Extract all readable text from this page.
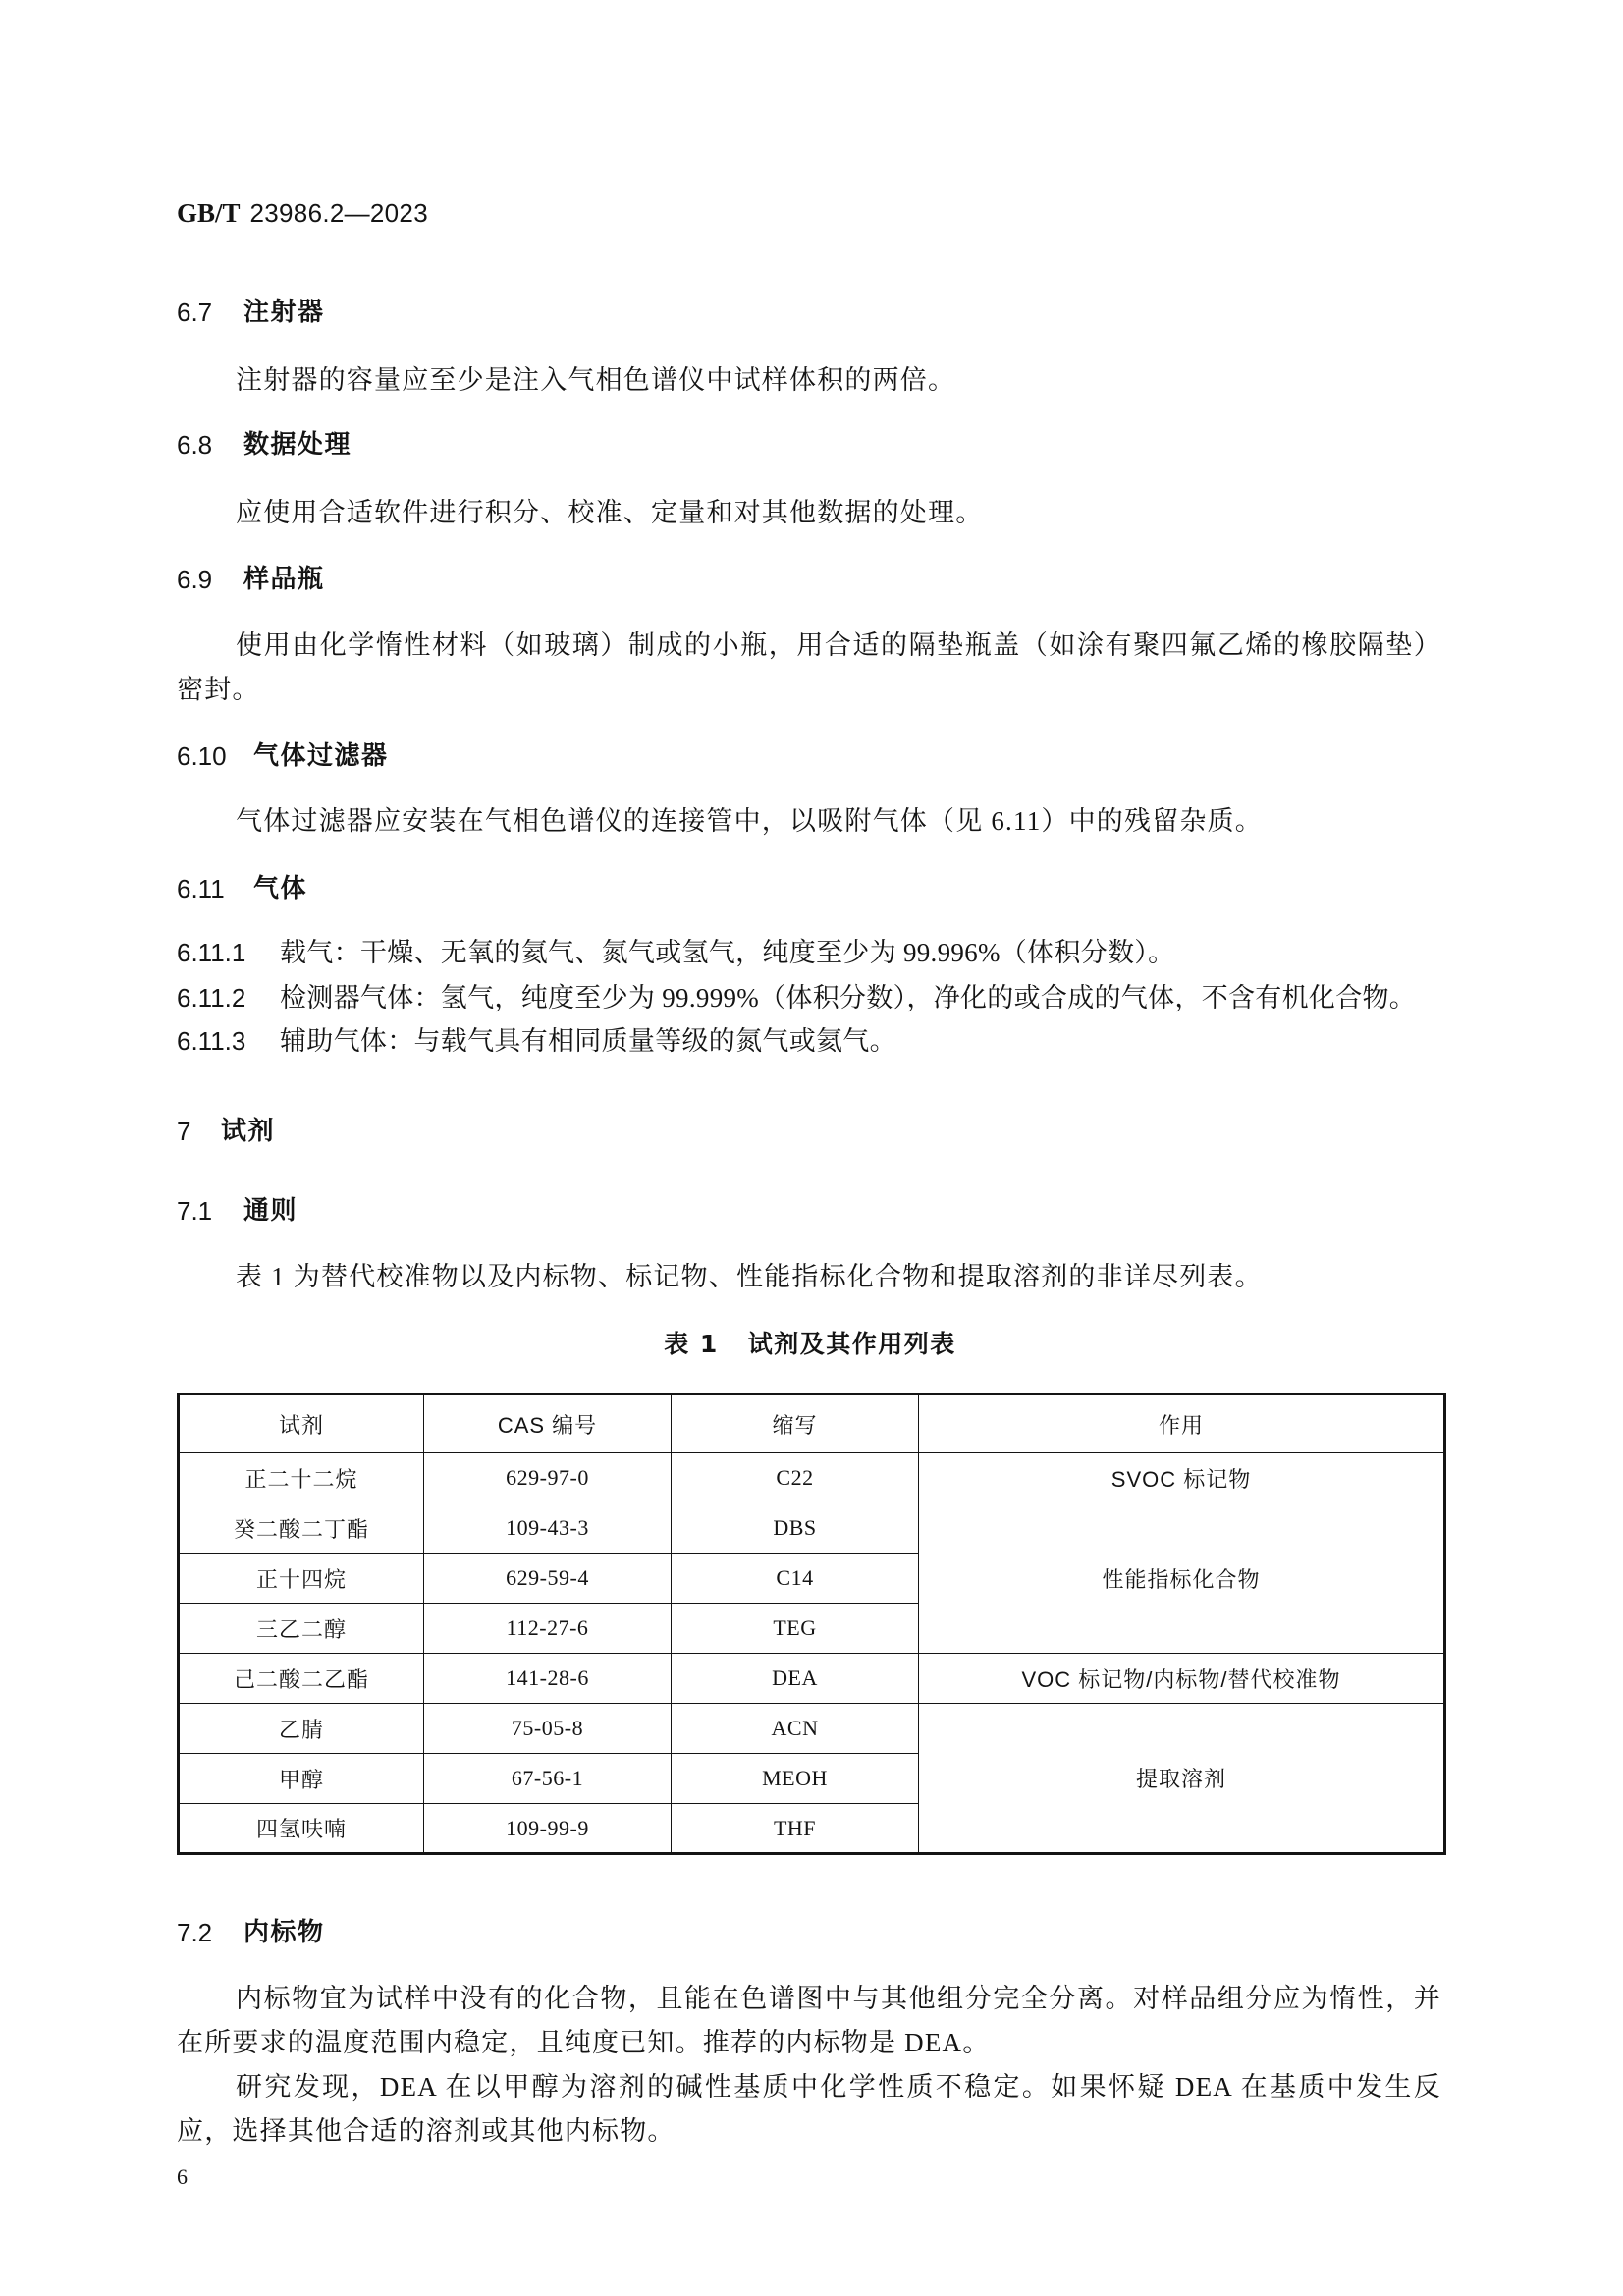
GB/T 23986.2—2023
6.7 注射器
注射器的容量应至少是注入气相色谱仪中试样体积的两倍。
6.8 数据处理
应使用合适软件进行积分、校准、定量和对其他数据的处理。
6.9 样品瓶
使用由化学惰性材料（如玻璃）制成的小瓶，用合适的隔垫瓶盖（如涂有聚四氟乙烯的橡胶隔垫）
密封。
6.10 气体过滤器
气体过滤器应安装在气相色谱仪的连接管中，以吸附气体（见 6.11）中的残留杂质。
6.11 气体
6.11.1 载气：干燥、无氧的氦气、氮气或氢气，纯度至少为 99.996%（体积分数）。
6.11.2 检测器气体：氢气，纯度至少为 99.999%（体积分数），净化的或合成的气体，不含有机化合物。
6.11.3 辅助气体：与载气具有相同质量等级的氮气或氦气。
7 试剂
7.1 通则
表 1 为替代校准物以及内标物、标记物、性能指标化合物和提取溶剂的非详尽列表。
表 1 试剂及其作用列表
试剂	CAS 编号	缩写	作用
正二十二烷	629-97-0	C22	SVOC 标记物
癸二酸二丁酯	109-43-3	DBS	性能指标化合物
正十四烷	629-59-4	C14	
三乙二醇	112-27-6	TEG	
己二酸二乙酯	141-28-6	DEA	VOC 标记物/内标物/替代校准物
乙腈	75-05-8	ACN	提取溶剂
甲醇	67-56-1	MEOH	
四氢呋喃	109-99-9	THF	
7.2 内标物
内标物宜为试样中没有的化合物，且能在色谱图中与其他组分完全分离。对样品组分应为惰性，并
在所要求的温度范围内稳定，且纯度已知。推荐的内标物是 DEA。
研究发现，DEA 在以甲醇为溶剂的碱性基质中化学性质不稳定。如果怀疑 DEA 在基质中发生反
应，选择其他合适的溶剂或其他内标物。
6
